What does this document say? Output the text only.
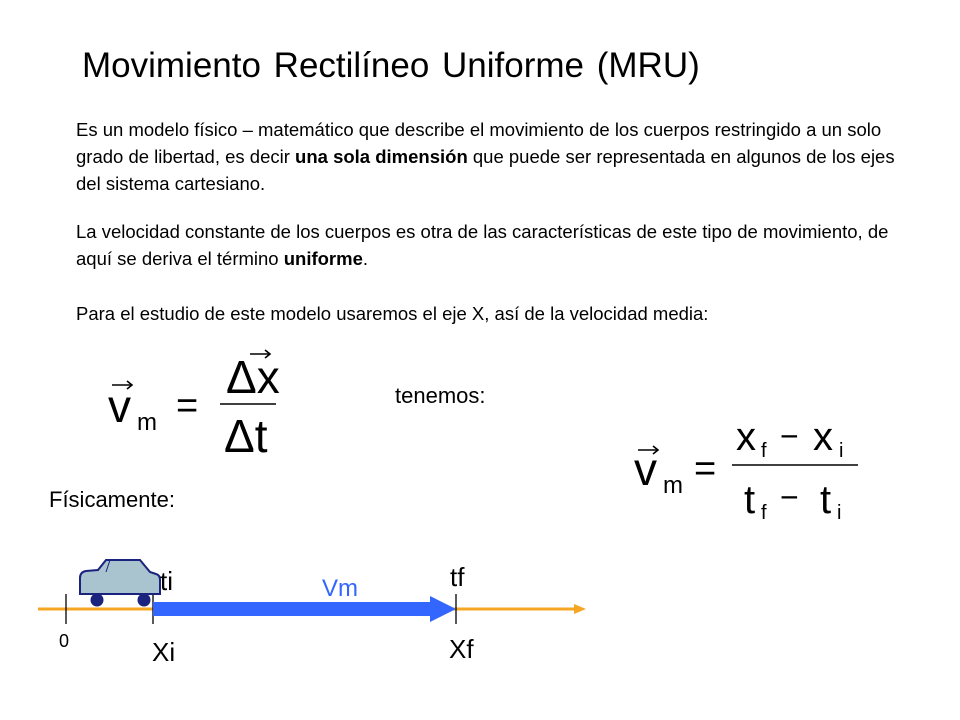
Movimiento Rectilíneo Uniforme (MRU)
Es un modelo físico – matemático que describe el movimiento de los cuerpos restringido a un solo grado de libertad, es decir una sola dimensión que puede ser representada en algunos de los ejes del sistema cartesiano.
La velocidad constante de los cuerpos es otra de las características de este tipo de movimiento, de aquí se deriva el término uniforme.
Para el estudio de este modelo usaremos el eje X, así de la velocidad media:
v m =
Δx
Δt
tenemos:
v m =
x f − x i
t f − t i
Físicamente:
ti	tf
Vm
0	Xi	Xf
